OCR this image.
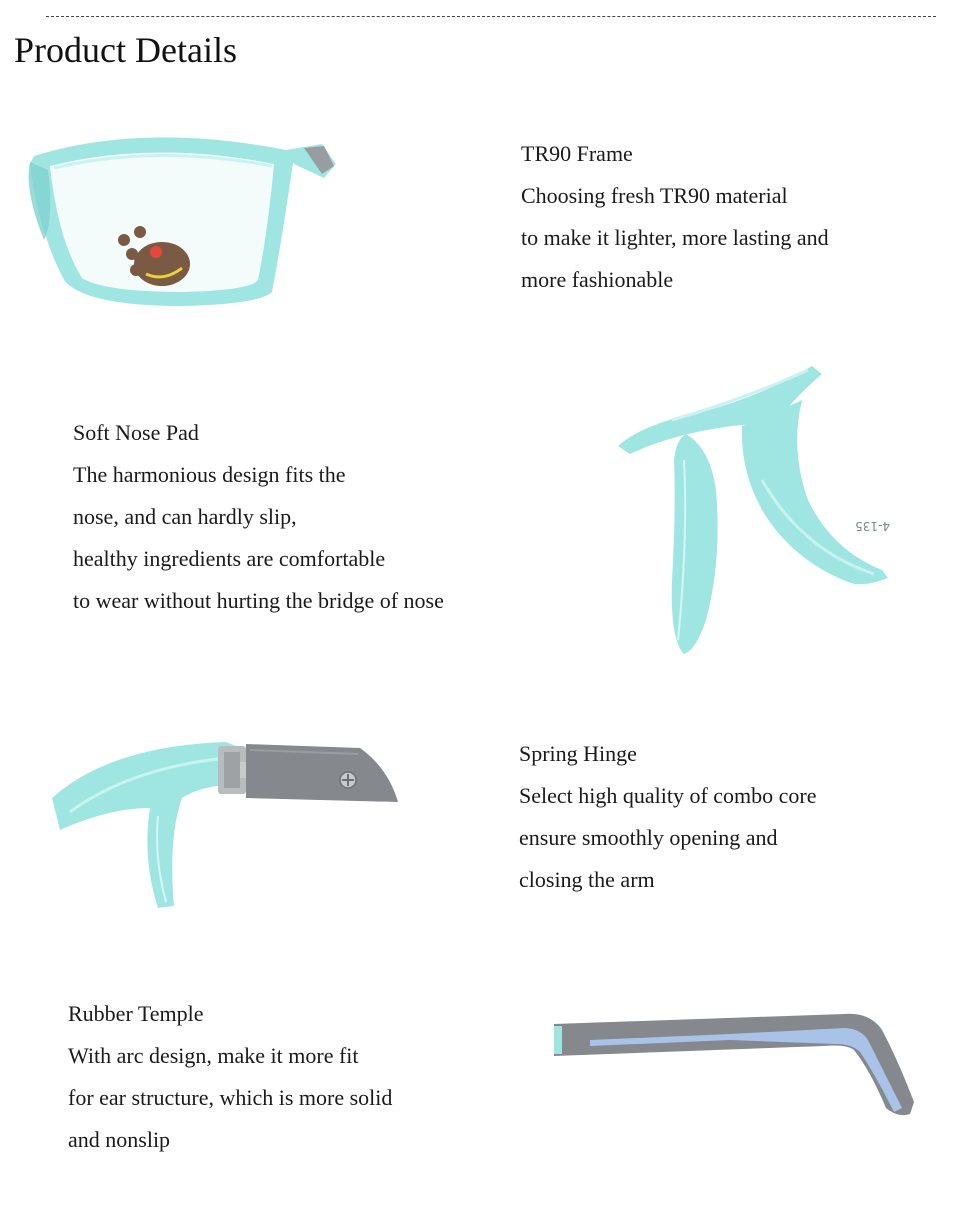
Product Details
TR90 Frame
Choosing fresh TR90 material
to make it lighter, more lasting and
more fashionable
Soft Nose Pad
The harmonious design fits the
nose, and can hardly slip,
healthy ingredients are comfortable
to wear without hurting the bridge of nose
4-135
Spring Hinge
Select high quality of combo core
ensure smoothly opening and
closing the arm
Rubber Temple
With arc design, make it more fit
for ear structure, which is more solid
and nonslip
